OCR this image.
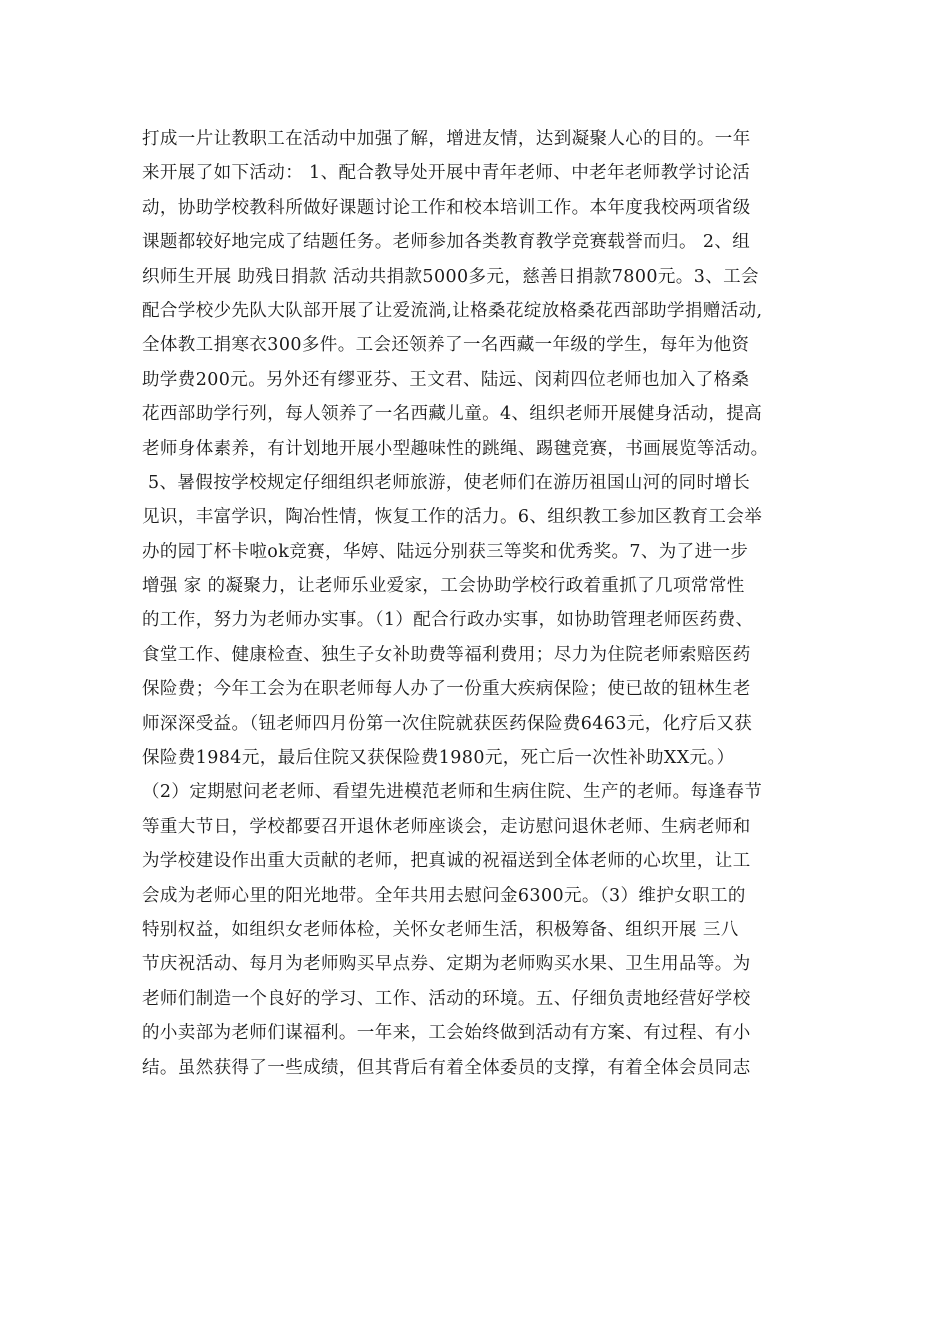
打成一片让教职工在活动中加强了解，增进友情，达到凝聚人心的目的。一年
来开展了如下活动： 1、配合教导处开展中青年老师、中老年老师教学讨论活
动，协助学校教科所做好课题讨论工作和校本培训工作。本年度我校两项省级
课题都较好地完成了结题任务。老师参加各类教育教学竞赛载誉而归。 2、组
织师生开展 助残日捐款 活动共捐款5000多元，慈善日捐款7800元。3、工会
配合学校少先队大队部开展了让爱流淌,让格桑花绽放格桑花西部助学捐赠活动,
全体教工捐寒衣300多件。工会还领养了一名西藏一年级的学生，每年为他资
助学费200元。另外还有缪亚芬、王文君、陆远、闵莉四位老师也加入了格桑
花西部助学行列，每人领养了一名西藏儿童。4、组织老师开展健身活动，提高
老师身体素养，有计划地开展小型趣味性的跳绳、踢毽竞赛，书画展览等活动。
5、暑假按学校规定仔细组织老师旅游，使老师们在游历祖国山河的同时增长
见识，丰富学识，陶冶性情，恢复工作的活力。6、组织教工参加区教育工会举
办的园丁杯卡啦ok竞赛，华婷、陆远分别获三等奖和优秀奖。7、为了进一步
增强 家 的凝聚力，让老师乐业爱家，工会协助学校行政着重抓了几项常常性
的工作，努力为老师办实事。（1）配合行政办实事，如协助管理老师医药费、
食堂工作、健康检查、独生子女补助费等福利费用；尽力为住院老师索赔医药
保险费；今年工会为在职老师每人办了一份重大疾病保险；使已故的钮林生老
师深深受益。（钮老师四月份第一次住院就获医药保险费6463元，化疗后又获
保险费1984元，最后住院又获保险费1980元，死亡后一次性补助XX元。）
（2）定期慰问老老师、看望先进模范老师和生病住院、生产的老师。每逢春节
等重大节日，学校都要召开退休老师座谈会，走访慰问退休老师、生病老师和
为学校建设作出重大贡献的老师，把真诚的祝福送到全体老师的心坎里，让工
会成为老师心里的阳光地带。全年共用去慰问金6300元。（3）维护女职工的
特别权益，如组织女老师体检，关怀女老师生活，积极筹备、组织开展 三八
节庆祝活动、每月为老师购买早点券、定期为老师购买水果、卫生用品等。为
老师们制造一个良好的学习、工作、活动的环境。五、仔细负责地经营好学校
的小卖部为老师们谋福利。一年来，工会始终做到活动有方案、有过程、有小
结。虽然获得了一些成绩，但其背后有着全体委员的支撑，有着全体会员同志
